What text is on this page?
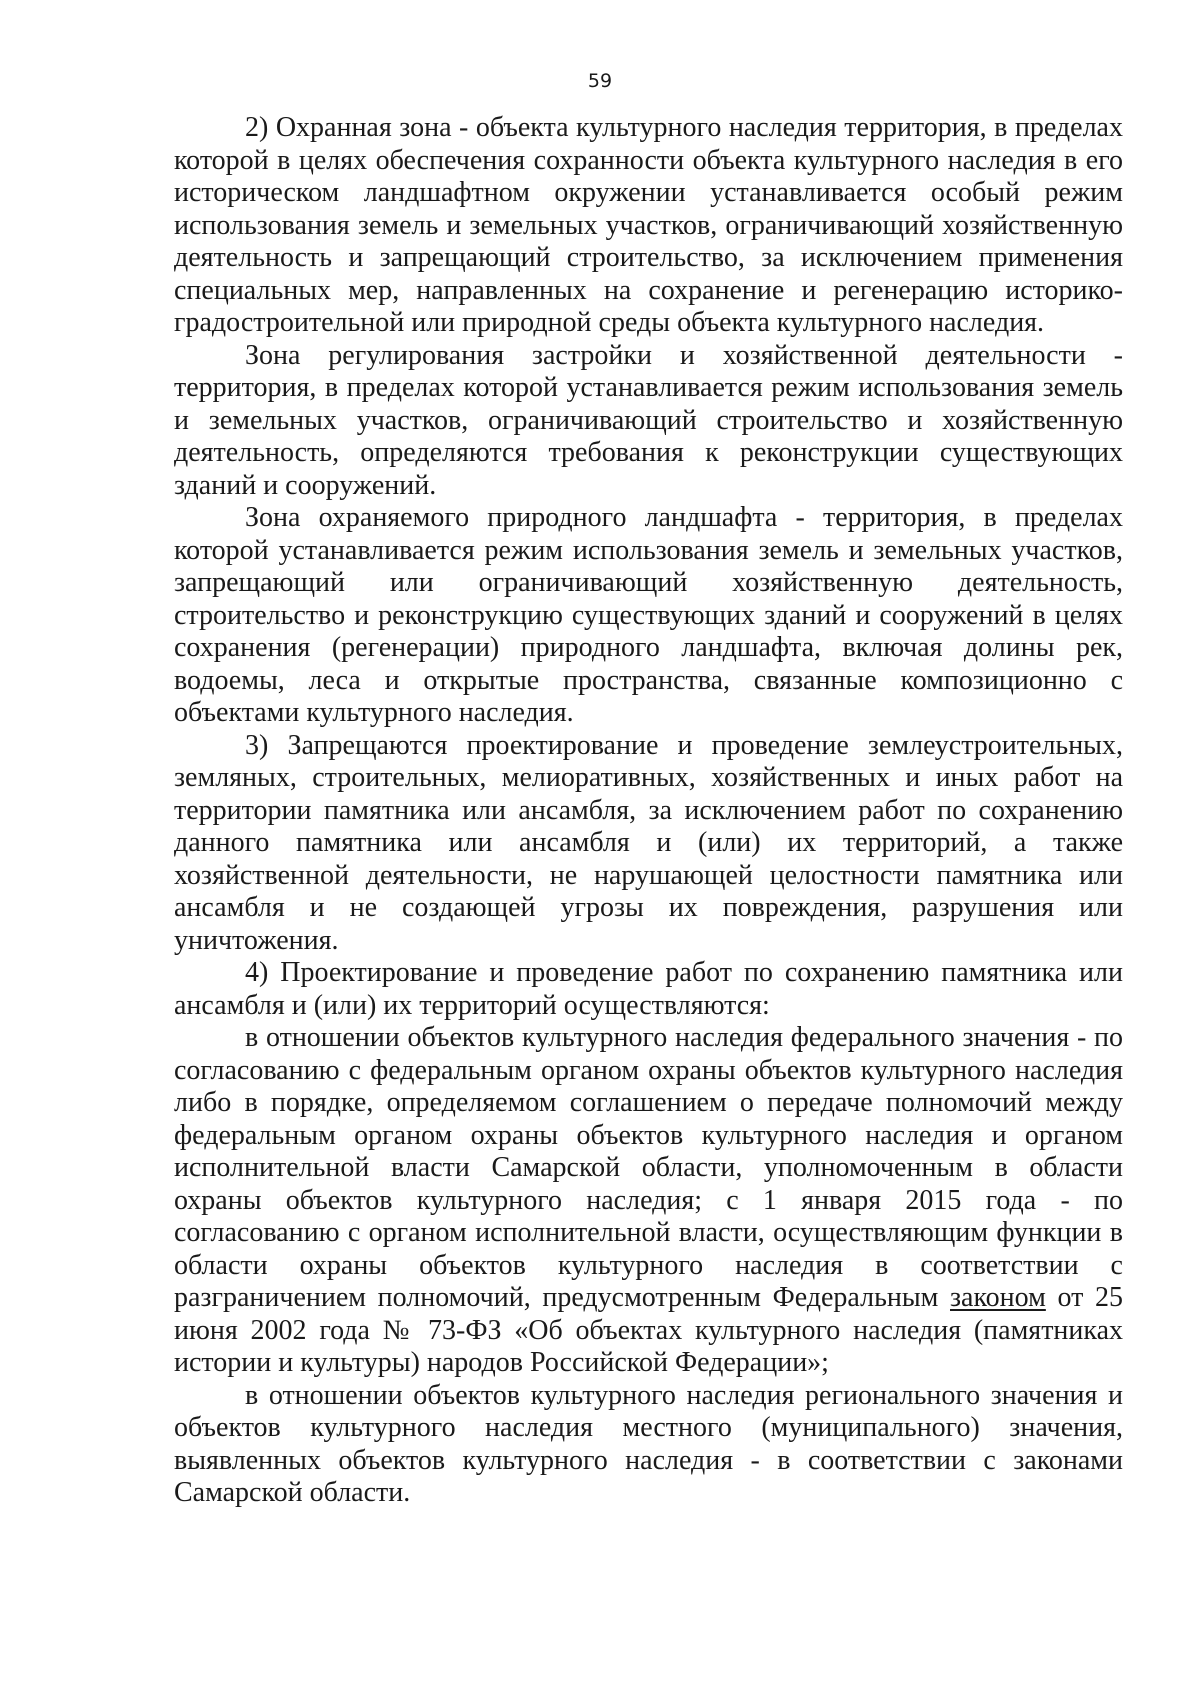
59

2) Охранная зона - объекта культурного наследия территория, в пределах которой в целях обеспечения сохранности объекта культурного наследия в его историческом ландшафтном окружении устанавливается особый режим использования земель и земельных участков, ограничивающий хозяйственную деятельность и запрещающий строительство, за исключением применения специальных мер, направленных на сохранение и регенерацию историко-градостроительной или природной среды объекта культурного наследия.

Зона регулирования застройки и хозяйственной деятельности - территория, в пределах которой устанавливается режим использования земель и земельных участков, ограничивающий строительство и хозяйственную деятельность, определяются требования к реконструкции существующих зданий и сооружений.

Зона охраняемого природного ландшафта - территория, в пределах которой устанавливается режим использования земель и земельных участков, запрещающий или ограничивающий хозяйственную деятельность, строительство и реконструкцию существующих зданий и сооружений в целях сохранения (регенерации) природного ландшафта, включая долины рек, водоемы, леса и открытые пространства, связанные композиционно с объектами культурного наследия.

3) Запрещаются проектирование и проведение землеустроительных, земляных, строительных, мелиоративных, хозяйственных и иных работ на территории памятника или ансамбля, за исключением работ по сохранению данного памятника или ансамбля и (или) их территорий, а также хозяйственной деятельности, не нарушающей целостности памятника или ансамбля и не создающей угрозы их повреждения, разрушения или уничтожения.

4) Проектирование и проведение работ по сохранению памятника или ансамбля и (или) их территорий осуществляются:

в отношении объектов культурного наследия федерального значения - по согласованию с федеральным органом охраны объектов культурного наследия либо в порядке, определяемом соглашением о передаче полномочий между федеральным органом охраны объектов культурного наследия и органом исполнительной власти Самарской области, уполномоченным в области охраны объектов культурного наследия; с 1 января 2015 года - по согласованию с органом исполнительной власти, осуществляющим функции в области охраны объектов культурного наследия в соответствии с разграничением полномочий, предусмотренным Федеральным законом от 25 июня 2002 года № 73-ФЗ «Об объектах культурного наследия (памятниках истории и культуры) народов Российской Федерации»;

в отношении объектов культурного наследия регионального значения и объектов культурного наследия местного (муниципального) значения, выявленных объектов культурного наследия - в соответствии с законами Самарской области.
